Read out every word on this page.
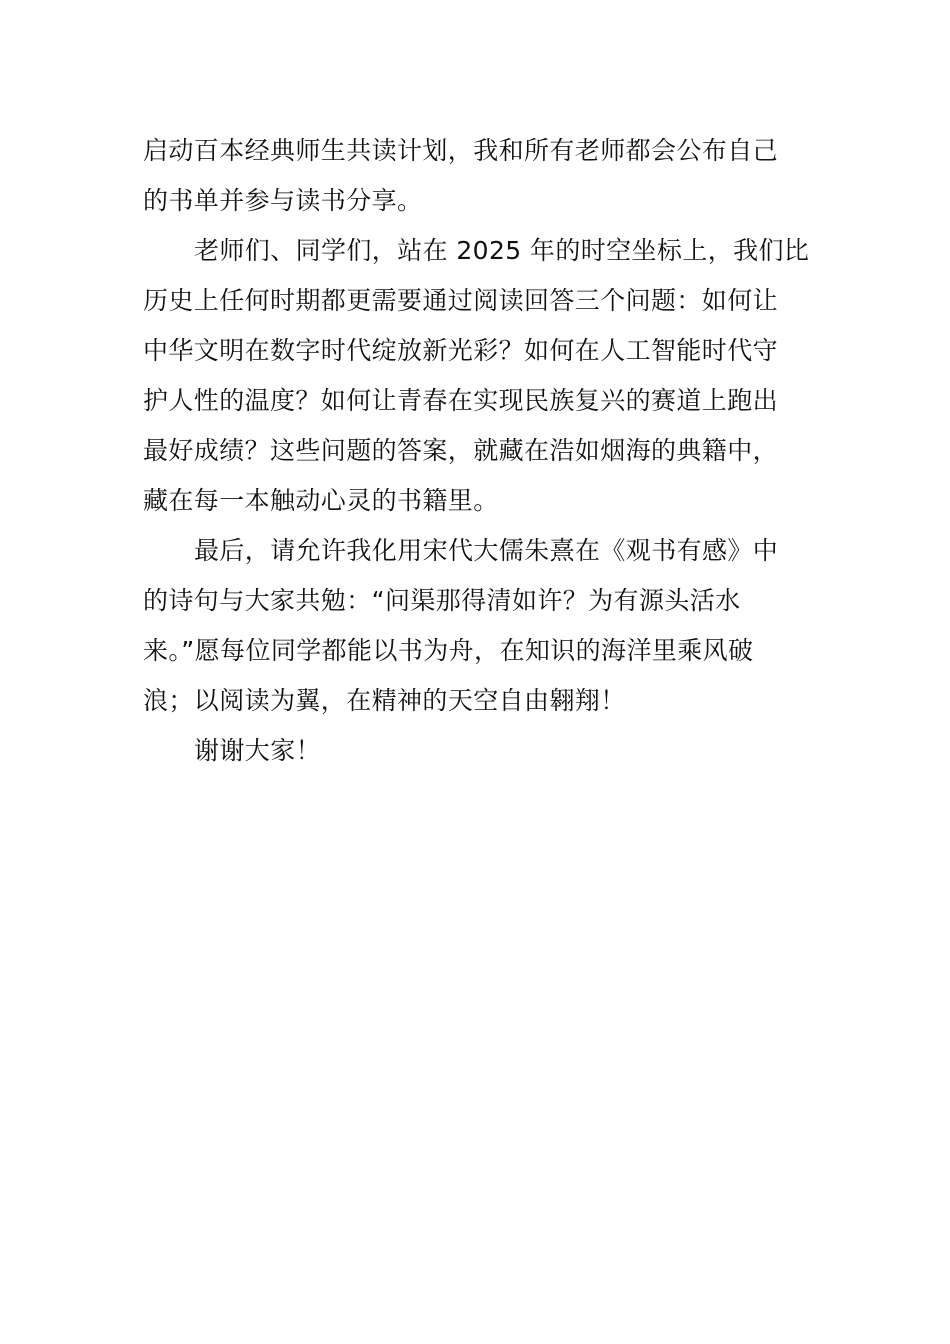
启动百本经典师生共读计划，我和所有老师都会公布自己
的书单并参与读书分享。
老师们、同学们，站在 2025 年的时空坐标上，我们比
历史上任何时期都更需要通过阅读回答三个问题：如何让
中华文明在数字时代绽放新光彩？如何在人工智能时代守
护人性的温度？如何让青春在实现民族复兴的赛道上跑出
最好成绩？这些问题的答案，就藏在浩如烟海的典籍中，
藏在每一本触动心灵的书籍里。
最后，请允许我化用宋代大儒朱熹在《观书有感》中
的诗句与大家共勉：“问渠那得清如许？为有源头活水
来。”愿每位同学都能以书为舟，在知识的海洋里乘风破
浪；以阅读为翼，在精神的天空自由翱翔！
谢谢大家！
